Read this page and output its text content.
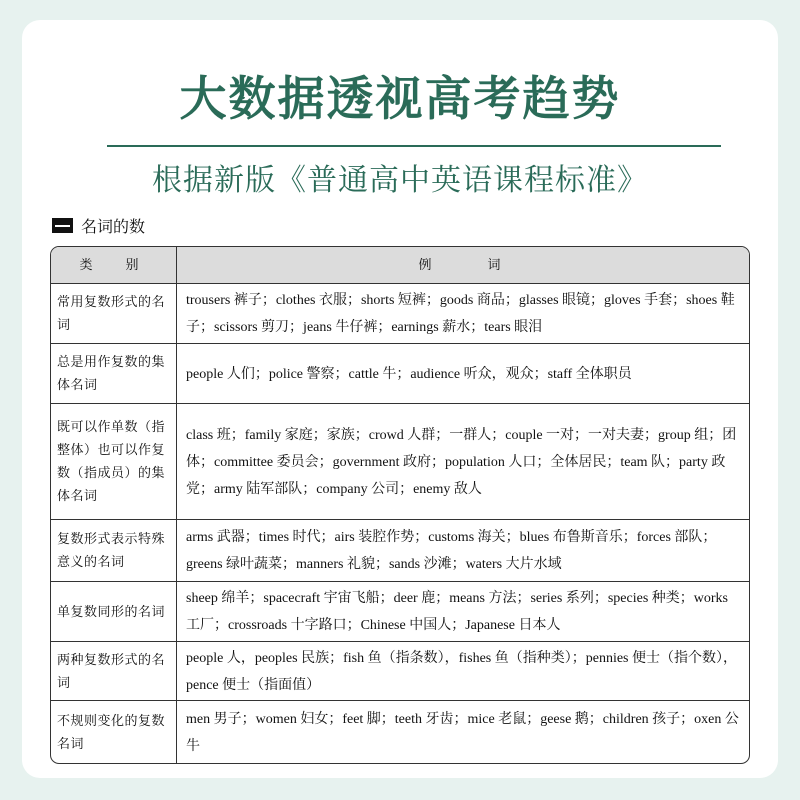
大数据透视高考趋势
根据新版《普通高中英语课程标准》
名词的数
类　别	例　　词
常用复数形式的名词
trousers 裤子；clothes 衣服；shorts 短裤；goods 商品；glasses 眼镜；gloves 手套；shoes 鞋子；scissors 剪刀；jeans 牛仔裤；earnings 薪水；tears 眼泪
总是用作复数的集体名词
people 人们；police 警察；cattle 牛；audience 听众，观众；staff 全体职员
既可以作单数（指整体）也可以作复数（指成员）的集体名词
class 班；family 家庭；家族；crowd 人群；一群人；couple 一对；一对夫妻；group 组；团体；committee 委员会；government 政府；population 人口；全体居民；team 队；party 政党；army 陆军部队；company 公司；enemy 敌人
复数形式表示特殊意义的名词
arms 武器；times 时代；airs 装腔作势；customs 海关；blues 布鲁斯音乐；forces 部队；greens 绿叶蔬菜；manners 礼貌；sands 沙滩；waters 大片水域
单复数同形的名词
sheep 绵羊；spacecraft 宇宙飞船；deer 鹿；means 方法；series 系列；species 种类；works 工厂；crossroads 十字路口；Chinese 中国人；Japanese 日本人
两种复数形式的名词
people 人，peoples 民族；fish 鱼（指条数），fishes 鱼（指种类）；pennies 便士（指个数），pence 便士（指面值）
不规则变化的复数名词
men 男子；women 妇女；feet 脚；teeth 牙齿；mice 老鼠；geese 鹅；children 孩子；oxen 公牛
